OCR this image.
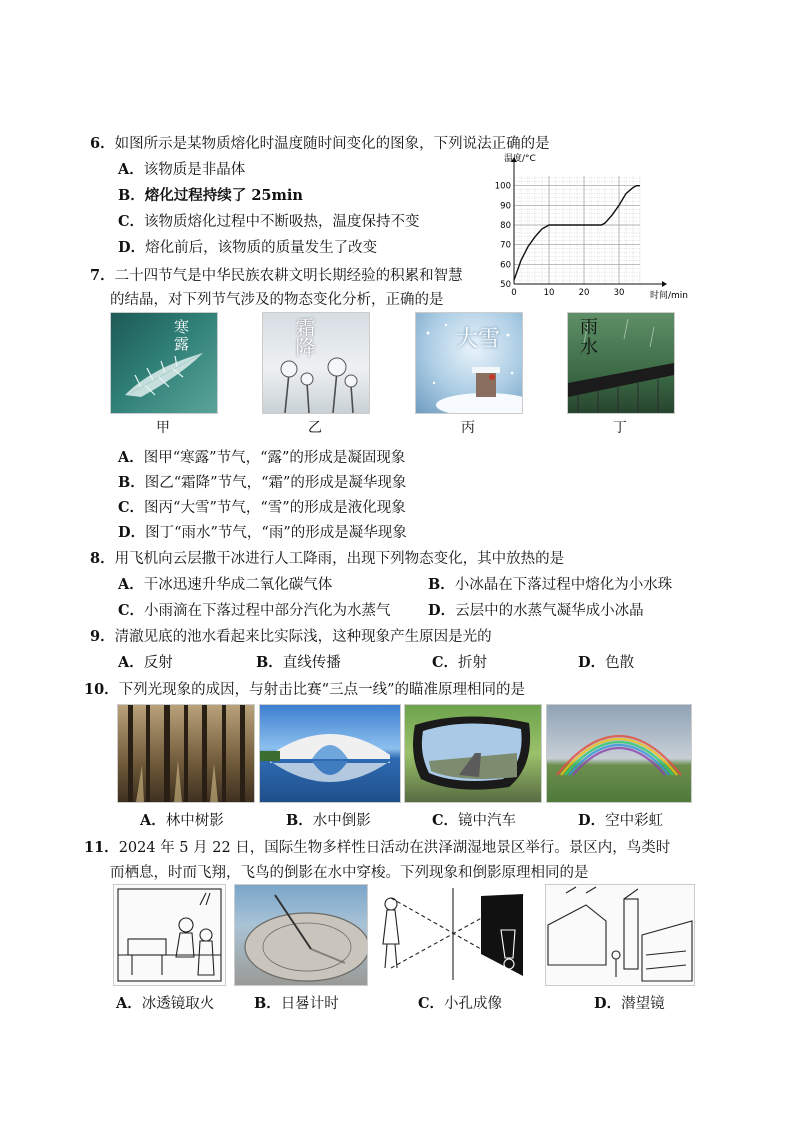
6．如图所示是某物质熔化时温度随时间变化的图象，下列说法正确的是
A．该物质是非晶体
B．熔化过程持续了 25min
C．该物质熔化过程中不断吸热，温度保持不变
D．熔化前后，该物质的质量发生了改变
50
60
70
80
90
100
0	10	20	30
温度/°C
时间/min
7．二十四节气是中华民族农耕文明长期经验的积累和智慧
的结晶，对下列节气涉及的物态变化分析，正确的是
寒露	霜降	大雪	雨水
甲	乙	丙	丁
A．图甲“寒露”节气，“露”的形成是凝固现象
B．图乙“霜降”节气，“霜”的形成是凝华现象
C．图丙“大雪”节气，“雪”的形成是液化现象
D．图丁“雨水”节气，“雨”的形成是凝华现象
8．用飞机向云层撒干冰进行人工降雨，出现下列物态变化，其中放热的是
A．干冰迅速升华成二氧化碳气体	B．小冰晶在下落过程中熔化为小水珠
C．小雨滴在下落过程中部分汽化为水蒸气	D．云层中的水蒸气凝华成小冰晶
9．清澈见底的池水看起来比实际浅，这种现象产生原因是光的
A．反射	B．直线传播	C．折射	D．色散
10．下列光现象的成因，与射击比赛“三点一线”的瞄准原理相同的是
A．林中树影	B．水中倒影	C．镜中汽车	D．空中彩虹
11．2024 年 5 月 22 日，国际生物多样性日活动在洪泽湖湿地景区举行。景区内，鸟类时
而栖息，时而飞翔，飞鸟的倒影在水中穿梭。下列现象和倒影原理相同的是
A．冰透镜取火	B．日晷计时	C．小孔成像	D．潜望镜
